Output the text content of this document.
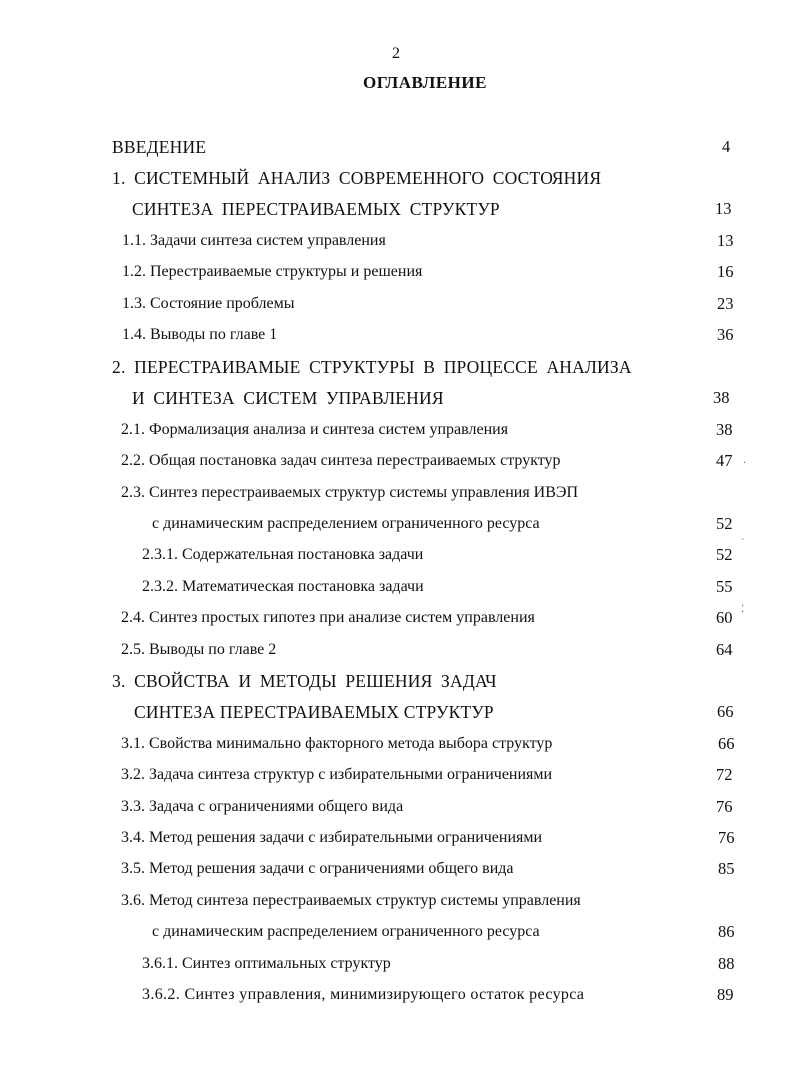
2
ОГЛАВЛЕНИЕ
ВВЕДЕНИЕ	4
1. СИСТЕМНЫЙ АНАЛИЗ СОВРЕМЕННОГО СОСТОЯНИЯ
СИНТЕЗА ПЕРЕСТРАИВАЕМЫХ СТРУКТУР	13
1.1. Задачи синтеза систем управления	13
1.2. Перестраиваемые структуры и решения	16
1.3. Состояние проблемы	23
1.4. Выводы по главе 1	36
2. ПЕРЕСТРАИВАМЫЕ СТРУКТУРЫ В ПРОЦЕССЕ АНАЛИЗА
И СИНТЕЗА СИСТЕМ УПРАВЛЕНИЯ	38
2.1. Формализация анализа и синтеза систем управления	38
2.2. Общая постановка задач синтеза перестраиваемых структур	47
2.3. Синтез перестраиваемых структур системы управления ИВЭП
с динамическим распределением ограниченного ресурса	52
2.3.1. Содержательная постановка задачи	52
2.3.2. Математическая постановка задачи	55
2.4. Синтез простых гипотез при анализе систем управления	60
2.5. Выводы по главе 2	64
3. СВОЙСТВА И МЕТОДЫ РЕШЕНИЯ ЗАДАЧ
СИНТЕЗА ПЕРЕСТРАИВАЕМЫХ СТРУКТУР	66
3.1. Свойства минимально факторного метода выбора структур	66
3.2. Задача синтеза структур с избирательными ограничениями	72
3.3. Задача с ограничениями общего вида	76
3.4. Метод решения задачи с избирательными ограничениями	76
3.5. Метод решения задачи с ограничениями общего вида	85
3.6. Метод синтеза перестраиваемых структур системы управления
с динамическим распределением ограниченного ресурса	86
3.6.1. Синтез оптимальных структур	88
3.6.2. Синтез управления, минимизирующего остаток ресурса	89
·
ˋ
⁚
